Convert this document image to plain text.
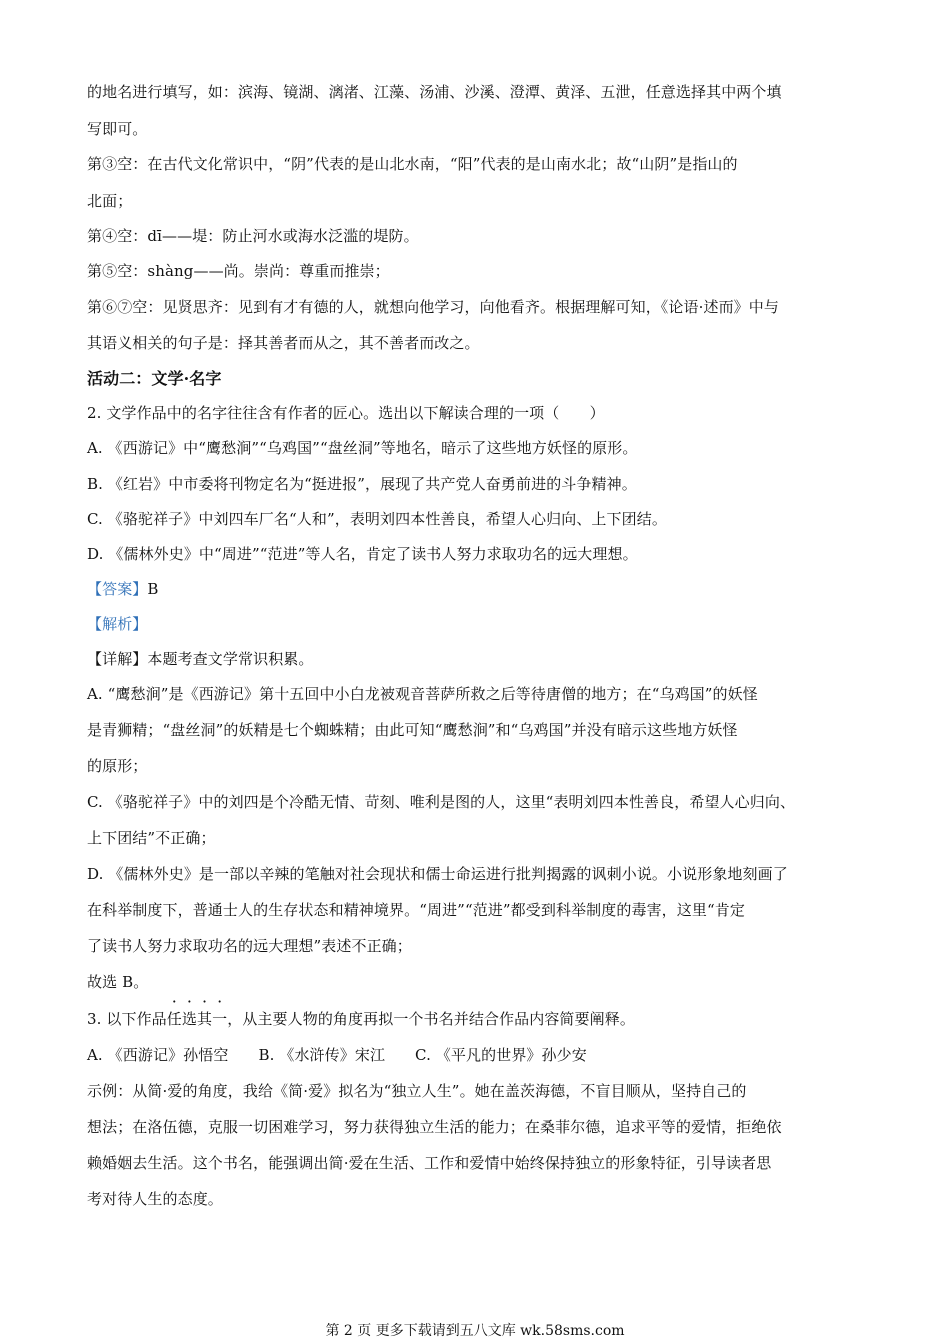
的地名进行填写，如：滨海、镜湖、漓渚、江藻、汤浦、沙溪、澄潭、黄泽、五泄，任意选择其中两个填
写即可。
第③空：在古代文化常识中，“阴”代表的是山北水南，“阳”代表的是山南水北；故“山阴”是指山的
北面；
第④空：dī——堤：防止河水或海水泛滥的堤防。
第⑤空：shàng——尚。崇尚：尊重而推崇；
第⑥⑦空：见贤思齐：见到有才有德的人，就想向他学习，向他看齐。根据理解可知，《论语·述而》中与
其语义相关的句子是：择其善者而从之，其不善者而改之。
活动二：文学·名字
2. 文学作品中的名字往往含有作者的匠心。选出以下解读合理的一项（　　）
A. 《西游记》中“鹰愁涧”“乌鸡国”“盘丝洞”等地名，暗示了这些地方妖怪的原形。
B. 《红岩》中市委将刊物定名为“挺进报”，展现了共产党人奋勇前进的斗争精神。
C. 《骆驼祥子》中刘四车厂名“人和”，表明刘四本性善良，希望人心归向、上下团结。
D. 《儒林外史》中“周进”“范进”等人名，肯定了读书人努力求取功名的远大理想。
【答案】B
【解析】
【详解】本题考查文学常识积累。
A. “鹰愁涧”是《西游记》第十五回中小白龙被观音菩萨所救之后等待唐僧的地方；在“乌鸡国”的妖怪
是青狮精；“盘丝洞”的妖精是七个蜘蛛精；由此可知“鹰愁涧”和“乌鸡国”并没有暗示这些地方妖怪
的原形；
C. 《骆驼祥子》中的刘四是个冷酷无情、苛刻、唯利是图的人，这里“表明刘四本性善良，希望人心归向、
上下团结”不正确；
D. 《儒林外史》是一部以辛辣的笔触对社会现状和儒士命运进行批判揭露的讽刺小说。小说形象地刻画了
在科举制度下，普通士人的生存状态和精神境界。“周进”“范进”都受到科举制度的毒害，这里“肯定
了读书人努力求取功名的远大理想”表述不正确；
故选 B。
3. 以下作品任选其一，从主要人物的角度再拟一个书名并结合作品内容简要阐释。
A. 《西游记》孙悟空 B. 《水浒传》宋江 C. 《平凡的世界》孙少安
示例：从简·爱的角度，我给《简·爱》拟名为“独立人生”。她在盖茨海德，不盲目顺从，坚持自己的
想法；在洛伍德，克服一切困难学习，努力获得独立生活的能力；在桑菲尔德，追求平等的爱情，拒绝依
赖婚姻去生活。这个书名，能强调出简·爱在生活、工作和爱情中始终保持独立的形象特征，引导读者思
考对待人生的态度。
第 2 页 更多下载请到五八文库 wk.58sms.com
